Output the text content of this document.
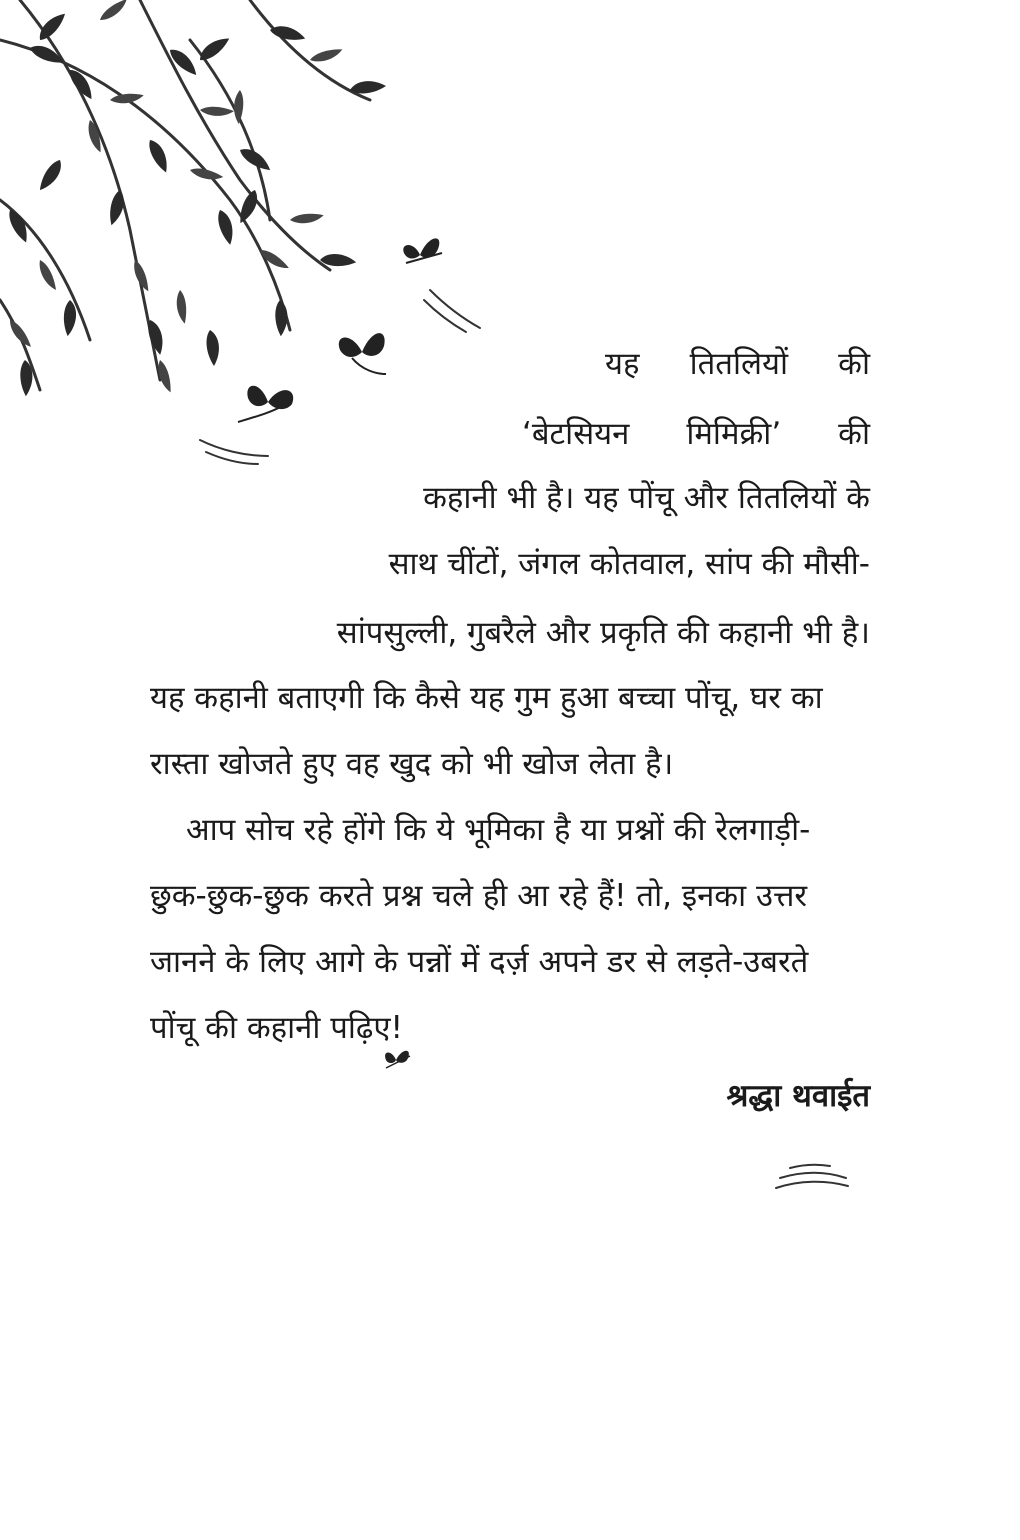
यह तितलियों की
‘बेटसियन मिमिक्री’ की
कहानी भी है। यह पोंचू और तितलियों के
साथ चींटों, जंगल कोतवाल, सांप की मौसी-
सांपसुल्ली, गुबरैले और प्रकृति की कहानी भी है।
यह कहानी बताएगी कि कैसे यह गुम हुआ बच्चा पोंचू, घर का
रास्ता खोजते हुए वह खुद को भी खोज लेता है।
आप सोच रहे होंगे कि ये भूमिका है या प्रश्नों की रेलगाड़ी-
छुक-छुक-छुक करते प्रश्न चले ही आ रहे हैं! तो, इनका उत्तर
जानने के लिए आगे के पन्नों में दर्ज़ अपने डर से लड़ते-उबरते
पोंचू की कहानी पढ़िए!
श्रद्धा थवाईत
